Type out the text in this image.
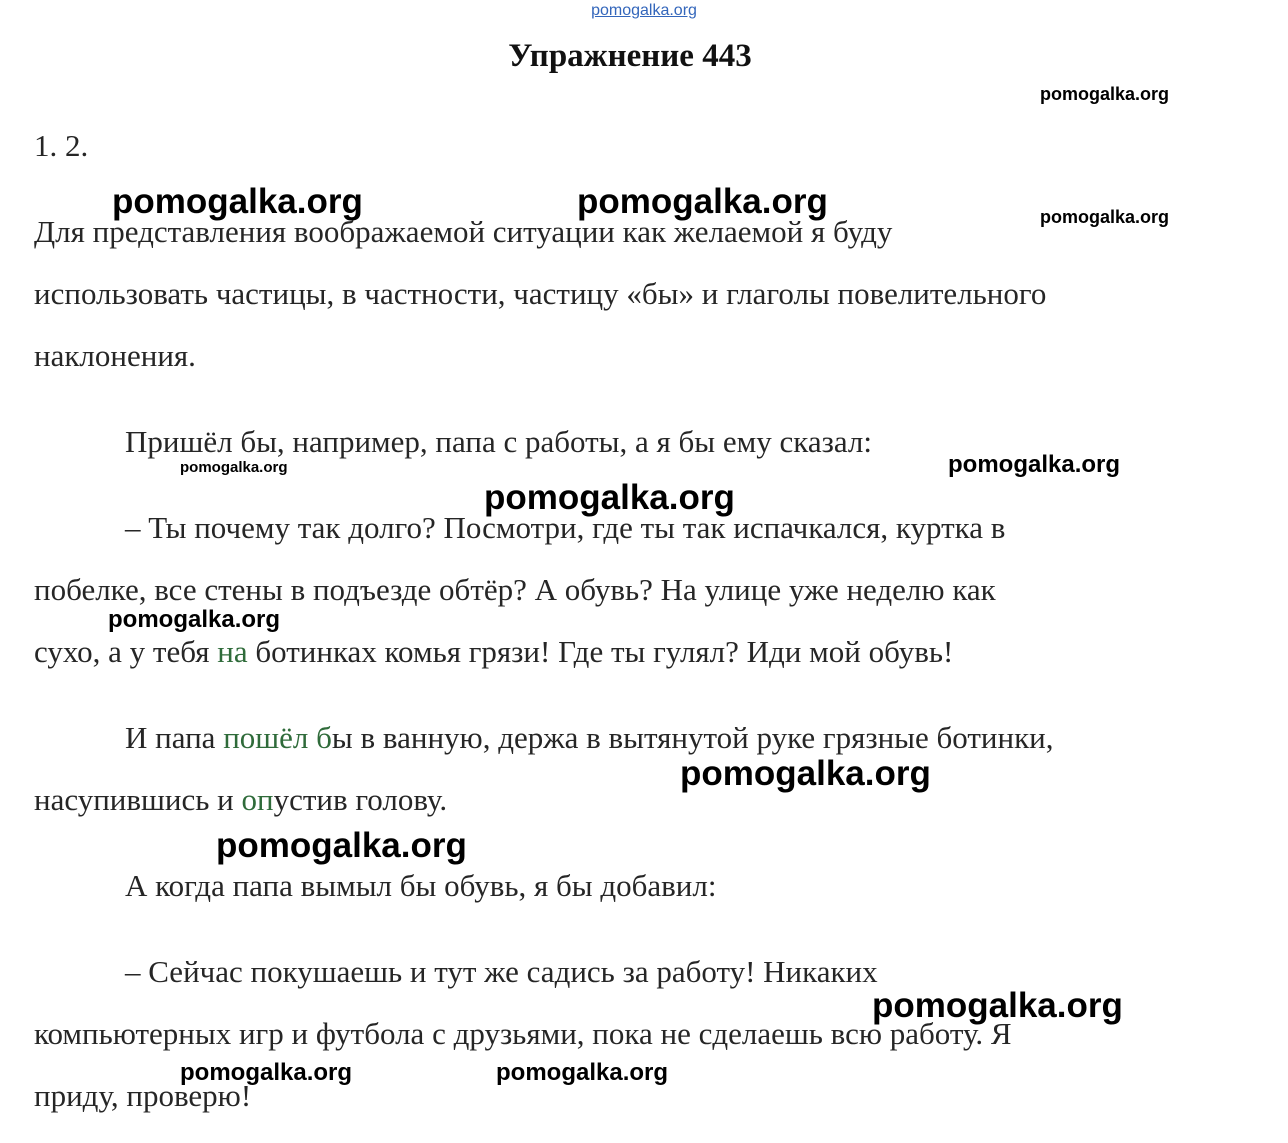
pomogalka.org
Упражнение 443
1. 2.
Для представления воображаемой ситуации как желаемой я буду
использовать частицы, в частности, частицу «бы» и глаголы повелительного
наклонения.
Пришёл бы, например, папа с работы, а я бы ему сказал:
– Ты почему так долго? Посмотри, где ты так испачкался, куртка в
побелке, все стены в подъезде обтёр? А обувь? На улице уже неделю как
сухо, а у тебя на ботинках комья грязи! Где ты гулял? Иди мой обувь!
И папа пошёл бы в ванную, держа в вытянутой руке грязные ботинки,
насупившись и опустив голову.
А когда папа вымыл бы обувь, я бы добавил:
– Сейчас покушаешь и тут же садись за работу! Никаких
компьютерных игр и футбола с друзьями, пока не сделаешь всю работу. Я
приду, проверю!
pomogalka.org
pomogalka.org	pomogalka.org	pomogalka.org
pomogalka.org	pomogalka.org
pomogalka.org
pomogalka.org
pomogalka.org
pomogalka.org
pomogalka.org
pomogalka.org	pomogalka.org
